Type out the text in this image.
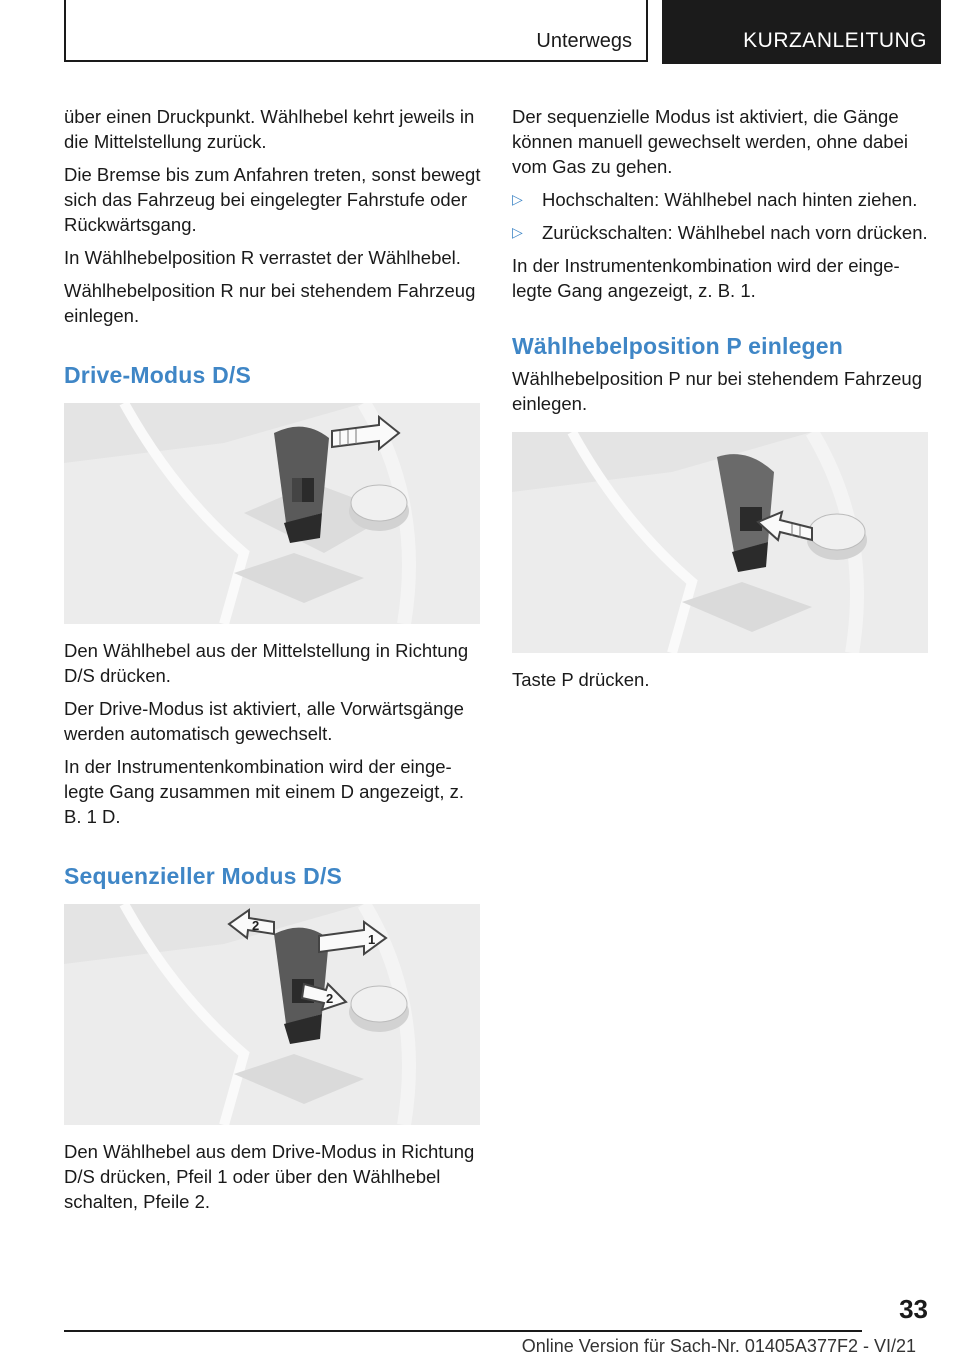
Unterwegs	KURZANLEITUNG

über einen Druckpunkt. Wählhebel kehrt jeweils in die Mittelstellung zurück.

Die Bremse bis zum Anfahren treten, sonst bewegt sich das Fahrzeug bei eingelegter Fahrstufe oder Rückwärtsgang.

In Wählhebelposition R verrastet der Wählhebel.

Wählhebelposition R nur bei stehendem Fahrzeug einlegen.

Drive-Modus D/S

Den Wählhebel aus der Mittelstellung in Richtung D/S drücken.

Der Drive-Modus ist aktiviert, alle Vorwärtsgänge werden automatisch gewechselt.

In der Instrumentenkombination wird der eingelegte Gang zusammen mit einem D angezeigt, z. B. 1 D.

Sequenzieller Modus D/S
1
2
2

Den Wählhebel aus dem Drive-Modus in Richtung D/S drücken, Pfeil 1 oder über den Wählhebel schalten, Pfeile 2.

Der sequenzielle Modus ist aktiviert, die Gänge können manuell gewechselt werden, ohne dabei vom Gas zu gehen.

▷	Hochschalten: Wählhebel nach hinten ziehen.
▷	Zurückschalten: Wählhebel nach vorn drücken.

In der Instrumentenkombination wird der eingelegte Gang angezeigt, z. B. 1.

Wählhebelposition P einlegen

Wählhebelposition P nur bei stehendem Fahrzeug einlegen.

Taste P drücken.

33
Online Version für Sach-Nr. 01405A377F2 - VI/21
